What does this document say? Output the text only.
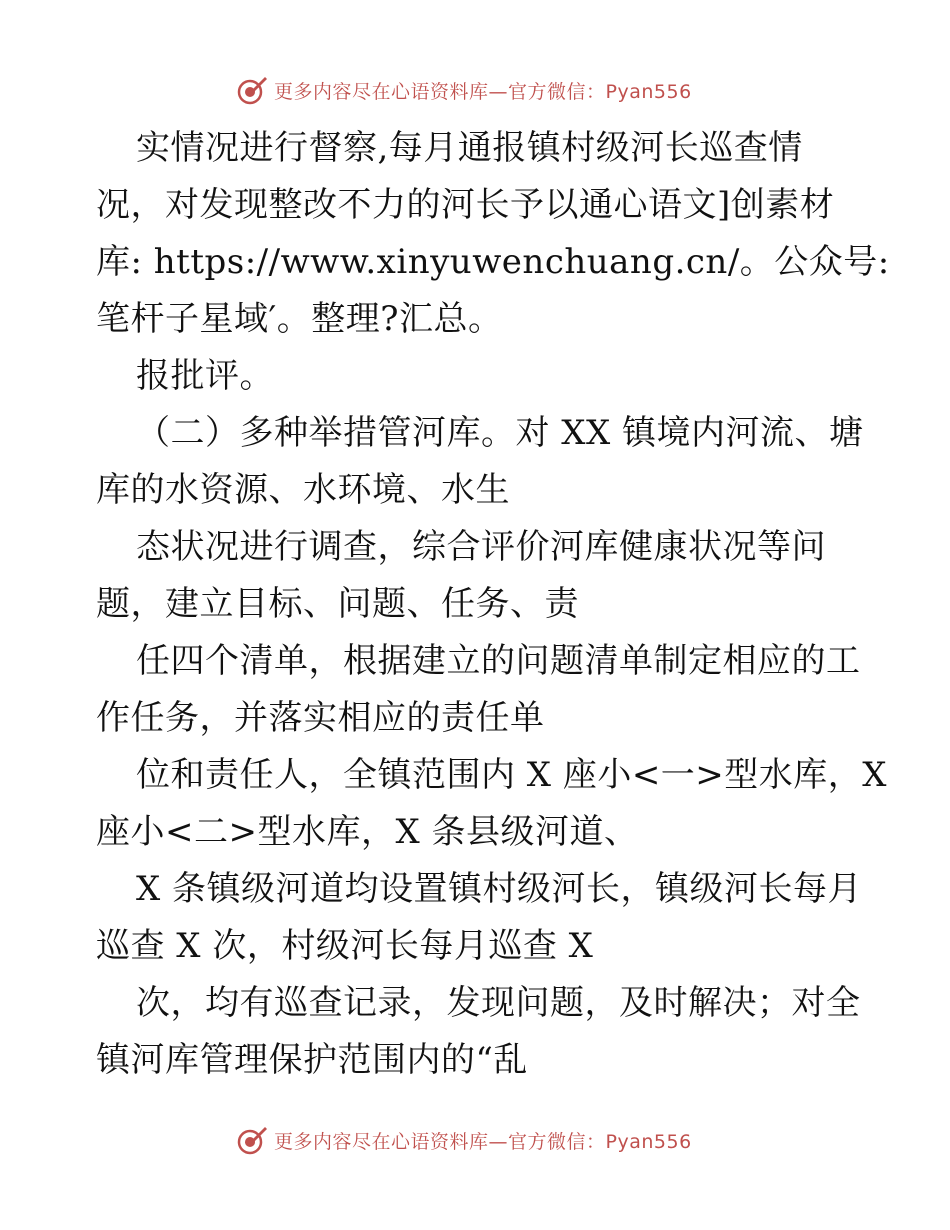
更多内容尽在心语资料库—官方微信：Pyan556
实情况进行督察,每月通报镇村级河长巡查情
况，对发现整改不力的河长予以通心语文]创素材
库: https://www.xinyuwenchuang.cn/。公众号:
笔杆子星域′。整理?汇总。
报批评。
（二）多种举措管河库。对 XX 镇境内河流、塘
库的水资源、水环境、水生
态状况进行调查，综合评价河库健康状况等问
题，建立目标、问题、任务、责
任四个清单，根据建立的问题清单制定相应的工
作任务，并落实相应的责任单
位和责任人，全镇范围内 X 座小<一>型水库，X
座小<二>型水库，X 条县级河道、
X 条镇级河道均设置镇村级河长，镇级河长每月
巡查 X 次，村级河长每月巡查 X
次，均有巡查记录，发现问题，及时解决；对全
镇河库管理保护范围内的“乱
更多内容尽在心语资料库—官方微信：Pyan556
